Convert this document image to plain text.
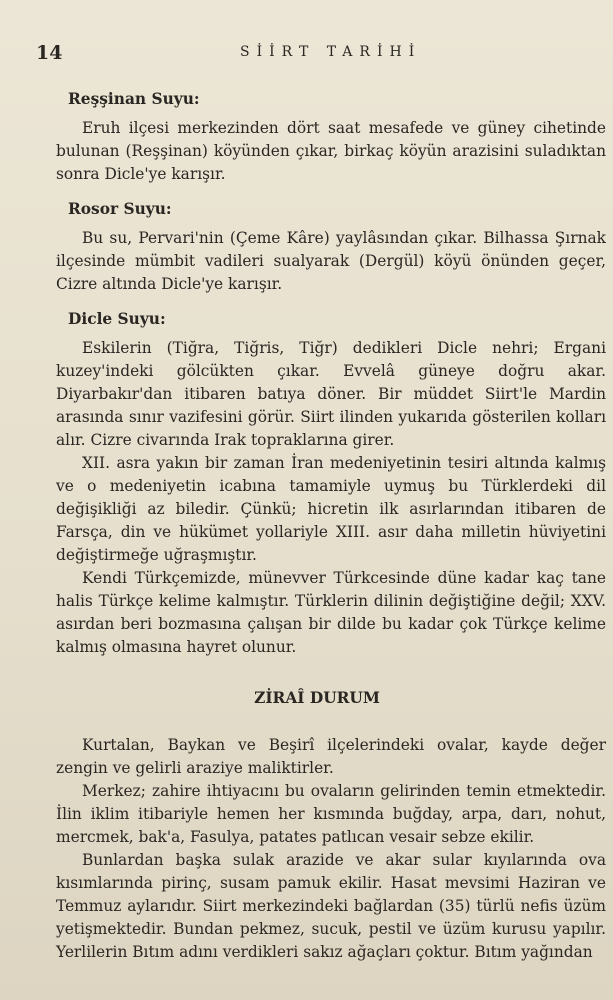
14	SİİRT TARİHİ

Reşşinan Suyu:

Eruh ilçesi merkezinden dört saat mesafede ve güney cihetinde bulunan (Reşşinan) köyünden çıkar, birkaç köyün arazisini suladıktan sonra Dicle'ye karışır.

Rosor Suyu:

Bu su, Pervari'nin (Çeme Kâre) yaylâsından çıkar. Bilhassa Şırnak ilçesinde mümbit vadileri sualyarak (Dergül) köyü önünden geçer, Cizre altında Dicle'ye karışır.

Dicle Suyu:

Eskilerin (Tiğra, Tiğris, Tiğr) dedikleri Dicle nehri; Ergani kuzey'indeki gölcükten çıkar. Evvelâ güneye doğru akar. Diyarbakır'dan itibaren batıya döner. Bir müddet Siirt'le Mardin arasında sınır vazifesini görür. Siirt ilinden yukarıda gösterilen kolları alır. Cizre civarında Irak topraklarına girer.

XII. asra yakın bir zaman İran medeniyetinin tesiri altında kalmış ve o medeniyetin icabına tamamiyle uymuş bu Türklerdeki dil değişikliği az biledir. Çünkü; hicretin ilk asırlarından itibaren de Farsça, din ve hükümet yollariyle XIII. asır daha milletin hüviyetini değiştirmeğe uğraşmıştır.

Kendi Türkçemizde, münevver Türkcesinde düne kadar kaç tane halis Türkçe kelime kalmıştır. Türklerin dilinin değiştiğine değil; XXV. asırdan beri bozmasına çalışan bir dilde bu kadar çok Türkçe kelime kalmış olmasına hayret olunur.

ZİRAÎ DURUM

Kurtalan, Baykan ve Beşirî ilçelerindeki ovalar, kayde değer zengin ve gelirli araziye maliktirler.

Merkez; zahire ihtiyacını bu ovaların gelirinden temin etmektedir. İlin iklim itibariyle hemen her kısmında buğday, arpa, darı, nohut, mercmek, bak'a, Fasulya, patates patlıcan vesair sebze ekilir.

Bunlardan başka sulak arazide ve akar sular kıyılarında ova kısımlarında pirinç, susam pamuk ekilir. Hasat mevsimi Haziran ve Temmuz aylarıdır. Siirt merkezindeki bağlardan (35) türlü nefis üzüm yetişmektedir. Bundan pekmez, sucuk, pestil ve üzüm kurusu yapılır. Yerlilerin Bıtım adını verdikleri sakız ağaçları çoktur. Bıtım yağından
